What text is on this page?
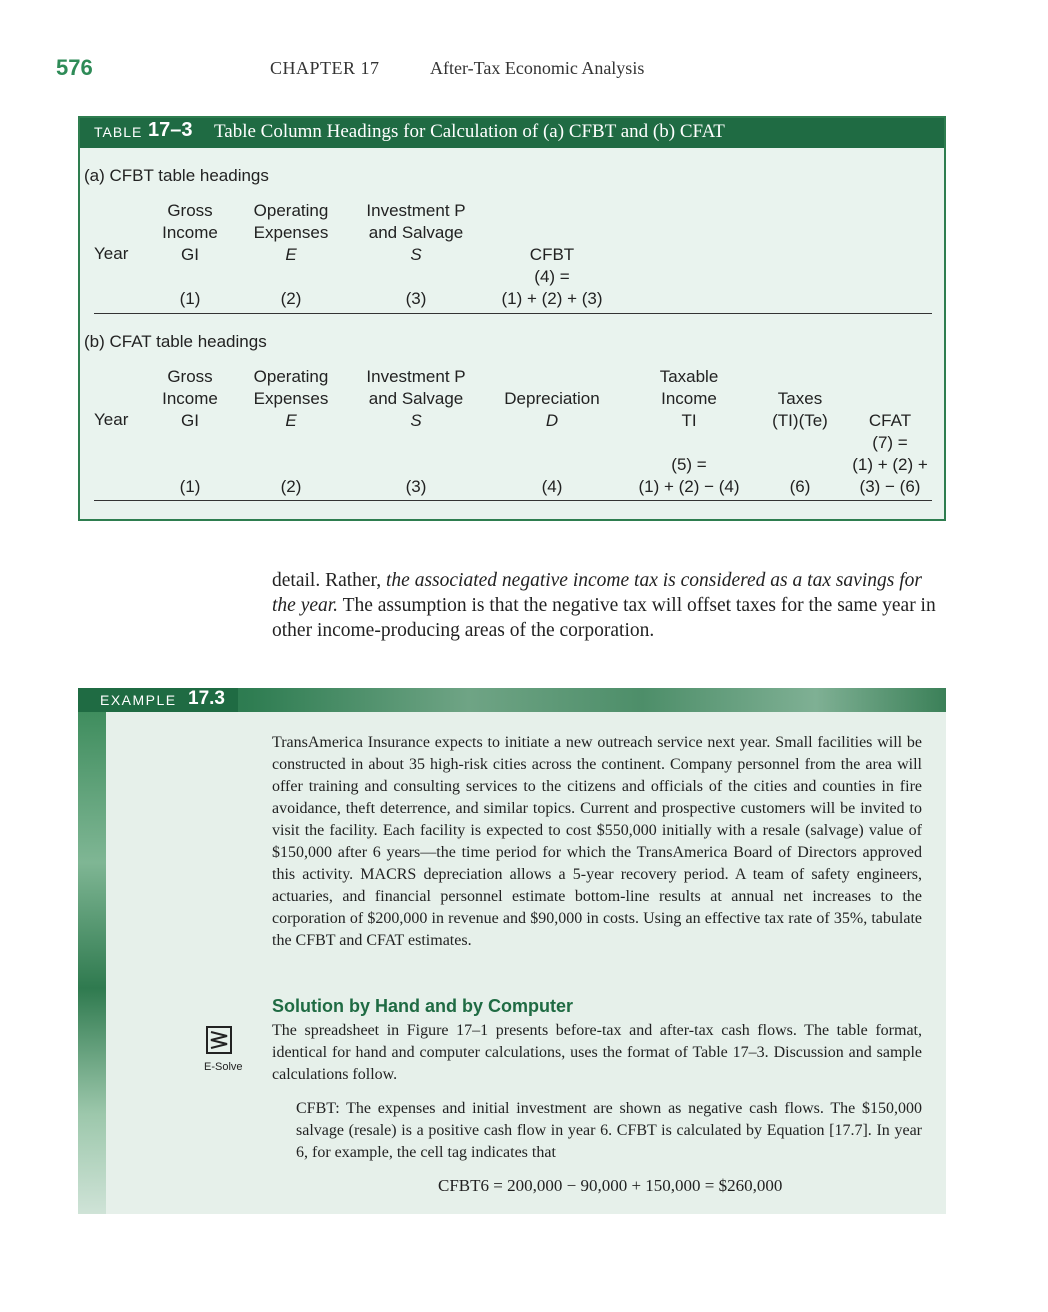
576	CHAPTER 17	After-Tax Economic Analysis
TABLE 17–3 Table Column Headings for Calculation of (a) CFBT and (b) CFAT
(a) CFBT table headings
Year
Gross
Income
GI
(1)
Operating
Expenses
E
(2)
Investment P
and Salvage
S
(3)
CFBT
(4) =
(1) + (2) + (3)
(b) CFAT table headings
Year
Gross
Income
GI
(1)
Operating
Expenses
E
(2)
Investment P
and Salvage
S
(3)
Depreciation
D
(4)
Taxable
Income
TI
(5) =
(1) + (2) − (4)
Taxes
(TI)(Te)
(6)
CFAT
(7) =
(1) + (2) +
(3) − (6)
detail. Rather, the associated negative income tax is considered as a tax savings for the year. The assumption is that the negative tax will offset taxes for the same year in other income-producing areas of the corporation.
EXAMPLE 17.3
TransAmerica Insurance expects to initiate a new outreach service next year. Small facilities will be constructed in about 35 high-risk cities across the continent. Company personnel from the area will offer training and consulting services to the citizens and officials of the cities and counties in fire avoidance, theft deterrence, and similar topics. Current and prospective customers will be invited to visit the facility. Each facility is expected to cost $550,000 initially with a resale (salvage) value of $150,000 after 6 years—the time period for which the TransAmerica Board of Directors approved this activity. MACRS depreciation allows a 5-year recovery period. A team of safety engineers, actuaries, and financial personnel estimate bottom-line results at annual net increases to the corporation of $200,000 in revenue and $90,000 in costs. Using an effective tax rate of 35%, tabulate the CFBT and CFAT estimates.
Solution by Hand and by Computer
The spreadsheet in Figure 17–1 presents before-tax and after-tax cash flows. The table format, identical for hand and computer calculations, uses the format of Table 17–3. Discussion and sample calculations follow.
E-Solve
CFBT: The expenses and initial investment are shown as negative cash flows. The $150,000 salvage (resale) is a positive cash flow in year 6. CFBT is calculated by Equation [17.7]. In year 6, for example, the cell tag indicates that
CFBT6 = 200,000 − 90,000 + 150,000 = $260,000
